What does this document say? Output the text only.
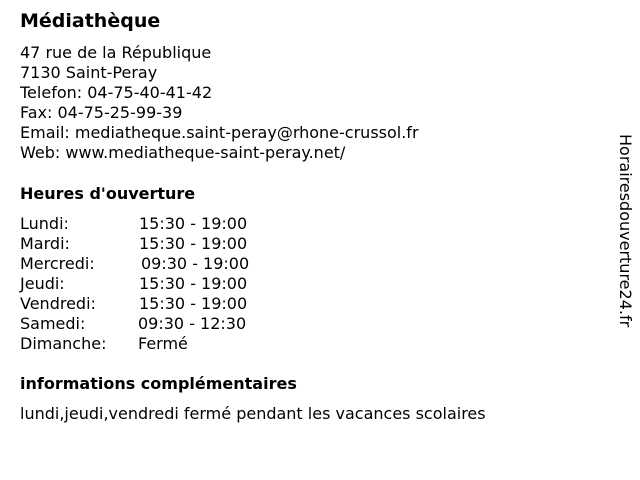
Médiathèque
47 rue de la République
7130 Saint-Peray
Telefon: 04-75-40-41-42
Fax: 04-75-25-99-39
Email: mediatheque.saint-peray@rhone-crussol.fr
Web: www.mediatheque-saint-peray.net/
Heures d'ouverture
Lundi:	15:30 - 19:00
Mardi:	15:30 - 19:00
Mercredi:	09:30 - 19:00
Jeudi:	15:30 - 19:00
Vendredi:	15:30 - 19:00
Samedi:	09:30 - 12:30
Dimanche: Fermé
informations complémentaires
lundi,jeudi,vendredi fermé pendant les vacances scolaires
Horairesdouverture24.fr
